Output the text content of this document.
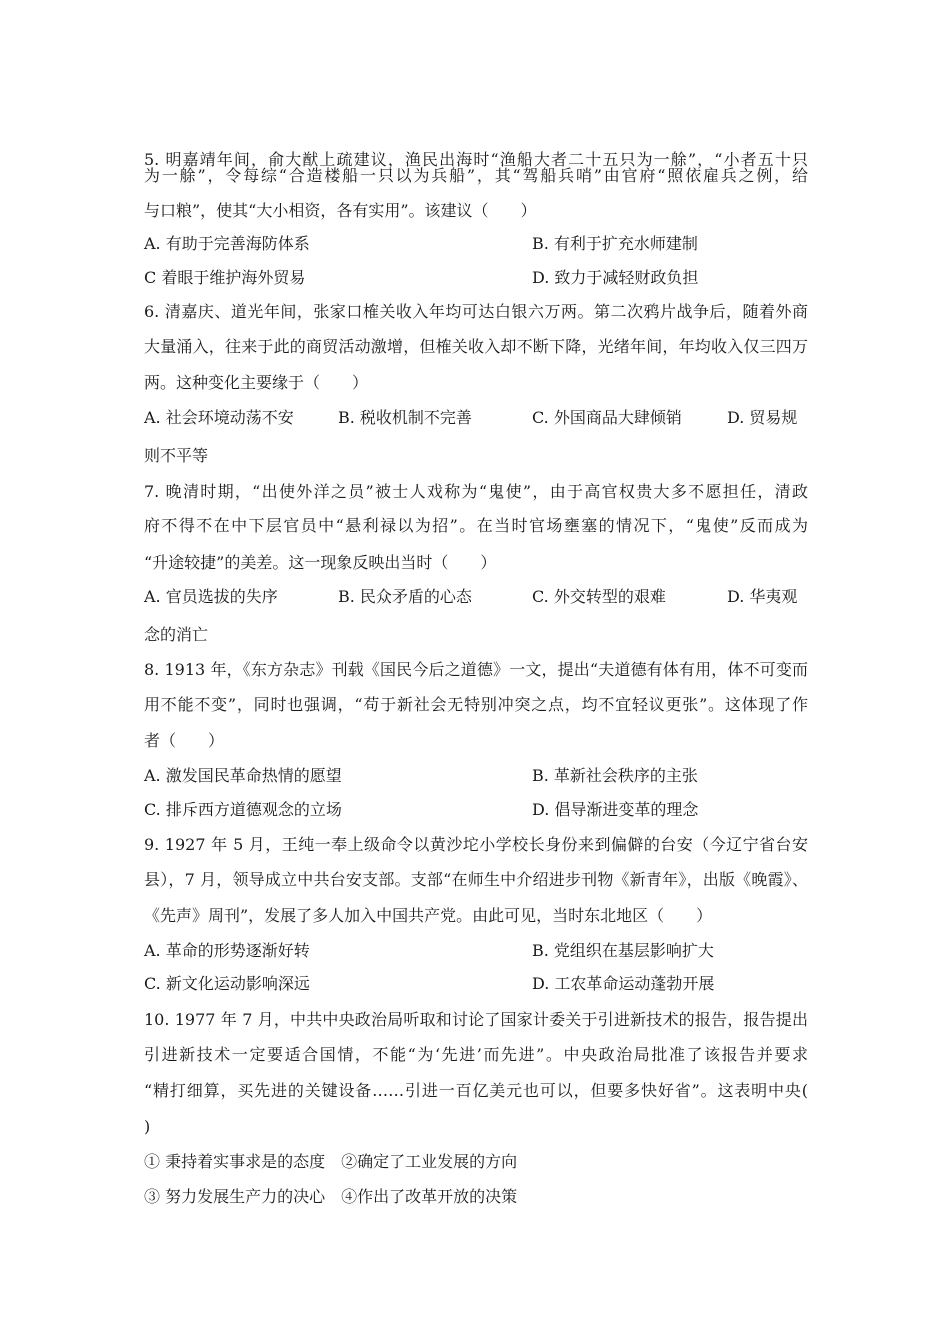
5. 明嘉靖年间，俞大猷上疏建议，渔民出海时“渔船大者二十五只为一艅”，“小者五十只
为一艅”，令每综“合造楼船一只以为兵船”，其“驾船兵哨”由官府“照依雇兵之例，给
与口粮”，使其“大小相资，各有实用”。该建议（　　）
A. 有助于完善海防体系	B. 有利于扩充水师建制
C 着眼于维护海外贸易	D. 致力于减轻财政负担
6. 清嘉庆、道光年间，张家口榷关收入年均可达白银六万两。第二次鸦片战争后，随着外商
大量涌入，往来于此的商贸活动激增，但榷关收入却不断下降，光绪年间，年均收入仅三四万
两。这种变化主要缘于（　　）
A. 社会环境动荡不安	B. 税收机制不完善	C. 外国商品大肆倾销	D. 贸易规
则不平等
7. 晚清时期，“出使外洋之员”被士人戏称为“鬼使”，由于高官权贵大多不愿担任，清政
府不得不在中下层官员中“悬利禄以为招”。在当时官场壅塞的情况下，“鬼使”反而成为
“升途较捷”的美差。这一现象反映出当时（　　）
A. 官员选拔的失序	B. 民众矛盾的心态	C. 外交转型的艰难	D. 华夷观
念的消亡
8. 1913 年，《东方杂志》刊载《国民今后之道德》一文，提出“夫道德有体有用，体不可变而
用不能不变”，同时也强调，“苟于新社会无特别冲突之点，均不宜轻议更张”。这体现了作
者（　　）
A. 激发国民革命热情的愿望	B. 革新社会秩序的主张
C. 排斥西方道德观念的立场	D. 倡导渐进变革的理念
9. 1927 年 5 月，王纯一奉上级命令以黄沙坨小学校长身份来到偏僻的台安（今辽宁省台安
县），7 月，领导成立中共台安支部。支部“在师生中介绍进步刊物《新青年》，出版《晚霞》、
《先声》周刊”，发展了多人加入中国共产党。由此可见，当时东北地区（　　）
A. 革命的形势逐渐好转	B. 党组织在基层影响扩大
C. 新文化运动影响深远	D. 工农革命运动蓬勃开展
10. 1977 年 7 月，中共中央政治局听取和讨论了国家计委关于引进新技术的报告，报告提出
引进新技术一定要适合国情，不能“为‘先进’而先进”。中央政治局批准了该报告并要求
“精打细算，买先进的关键设备……引进一百亿美元也可以，但要多快好省”。这表明中央(
)
① 秉持着实事求是的态度　②确定了工业发展的方向
③ 努力发展生产力的决心　④作出了改革开放的决策
